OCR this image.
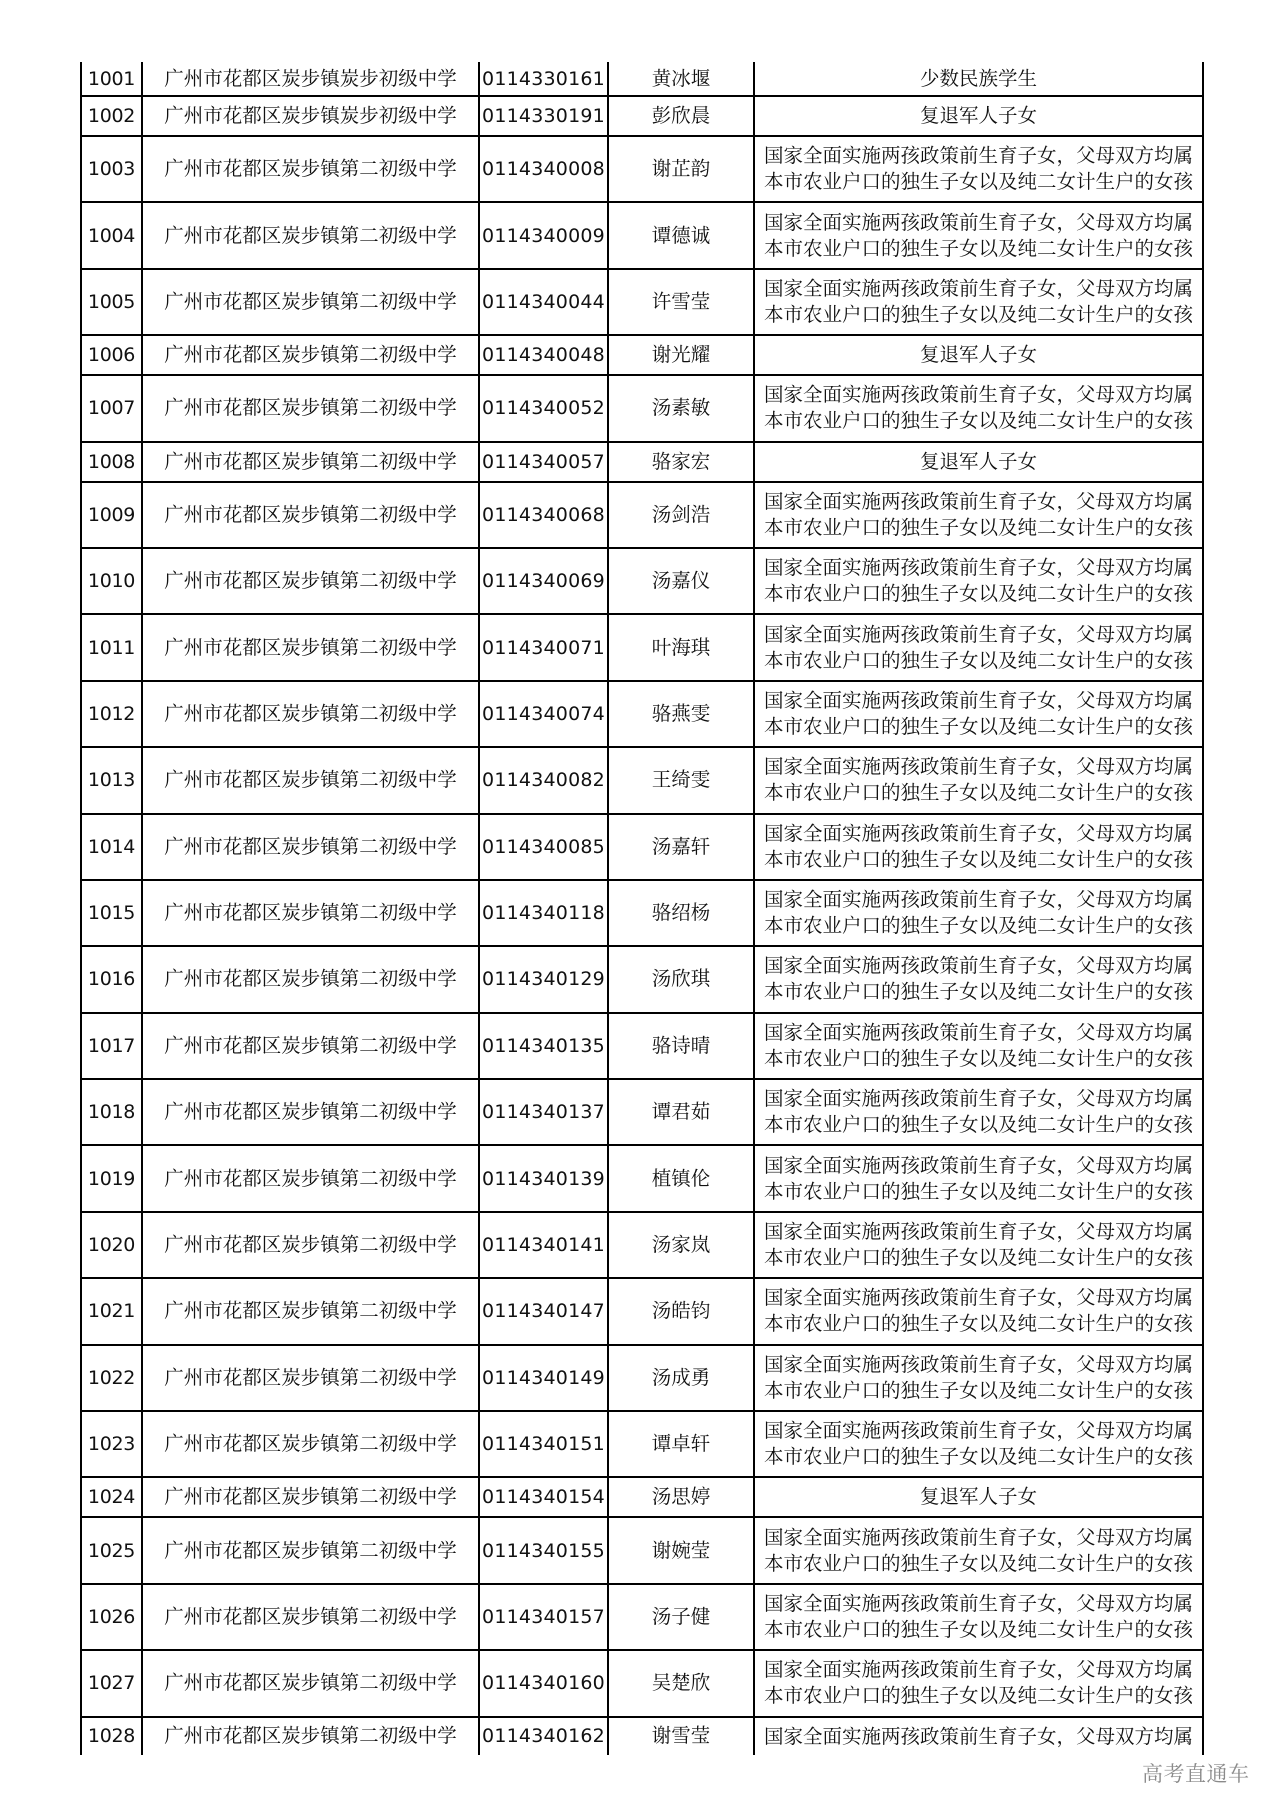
1001	广州市花都区炭步镇炭步初级中学	0114330161	黄冰堰	少数民族学生

1002	广州市花都区炭步镇炭步初级中学	0114330191	彭欣晨	复退军人子女

1003	广州市花都区炭步镇第二初级中学	0114340008	谢芷韵	国家全面实施两孩政策前生育子女，父母双方均属
本市农业户口的独生子女以及纯二女计生户的女孩

1004	广州市花都区炭步镇第二初级中学	0114340009	谭德诚	国家全面实施两孩政策前生育子女，父母双方均属
本市农业户口的独生子女以及纯二女计生户的女孩

1005	广州市花都区炭步镇第二初级中学	0114340044	许雪莹	国家全面实施两孩政策前生育子女，父母双方均属
本市农业户口的独生子女以及纯二女计生户的女孩

1006	广州市花都区炭步镇第二初级中学	0114340048	谢光耀	复退军人子女

1007	广州市花都区炭步镇第二初级中学	0114340052	汤素敏	国家全面实施两孩政策前生育子女，父母双方均属
本市农业户口的独生子女以及纯二女计生户的女孩

1008	广州市花都区炭步镇第二初级中学	0114340057	骆家宏	复退军人子女

1009	广州市花都区炭步镇第二初级中学	0114340068	汤剑浩	国家全面实施两孩政策前生育子女，父母双方均属
本市农业户口的独生子女以及纯二女计生户的女孩

1010	广州市花都区炭步镇第二初级中学	0114340069	汤嘉仪	国家全面实施两孩政策前生育子女，父母双方均属
本市农业户口的独生子女以及纯二女计生户的女孩

1011	广州市花都区炭步镇第二初级中学	0114340071	叶海琪	国家全面实施两孩政策前生育子女，父母双方均属
本市农业户口的独生子女以及纯二女计生户的女孩

1012	广州市花都区炭步镇第二初级中学	0114340074	骆燕雯	国家全面实施两孩政策前生育子女，父母双方均属
本市农业户口的独生子女以及纯二女计生户的女孩

1013	广州市花都区炭步镇第二初级中学	0114340082	王绮雯	国家全面实施两孩政策前生育子女，父母双方均属
本市农业户口的独生子女以及纯二女计生户的女孩

1014	广州市花都区炭步镇第二初级中学	0114340085	汤嘉轩	国家全面实施两孩政策前生育子女，父母双方均属
本市农业户口的独生子女以及纯二女计生户的女孩

1015	广州市花都区炭步镇第二初级中学	0114340118	骆绍杨	国家全面实施两孩政策前生育子女，父母双方均属
本市农业户口的独生子女以及纯二女计生户的女孩

1016	广州市花都区炭步镇第二初级中学	0114340129	汤欣琪	国家全面实施两孩政策前生育子女，父母双方均属
本市农业户口的独生子女以及纯二女计生户的女孩

1017	广州市花都区炭步镇第二初级中学	0114340135	骆诗晴	国家全面实施两孩政策前生育子女，父母双方均属
本市农业户口的独生子女以及纯二女计生户的女孩

1018	广州市花都区炭步镇第二初级中学	0114340137	谭君茹	国家全面实施两孩政策前生育子女，父母双方均属
本市农业户口的独生子女以及纯二女计生户的女孩

1019	广州市花都区炭步镇第二初级中学	0114340139	植镇伦	国家全面实施两孩政策前生育子女，父母双方均属
本市农业户口的独生子女以及纯二女计生户的女孩

1020	广州市花都区炭步镇第二初级中学	0114340141	汤家岚	国家全面实施两孩政策前生育子女，父母双方均属
本市农业户口的独生子女以及纯二女计生户的女孩

1021	广州市花都区炭步镇第二初级中学	0114340147	汤皓钧	国家全面实施两孩政策前生育子女，父母双方均属
本市农业户口的独生子女以及纯二女计生户的女孩

1022	广州市花都区炭步镇第二初级中学	0114340149	汤成勇	国家全面实施两孩政策前生育子女，父母双方均属
本市农业户口的独生子女以及纯二女计生户的女孩

1023	广州市花都区炭步镇第二初级中学	0114340151	谭卓轩	国家全面实施两孩政策前生育子女，父母双方均属
本市农业户口的独生子女以及纯二女计生户的女孩

1024	广州市花都区炭步镇第二初级中学	0114340154	汤思婷	复退军人子女

1025	广州市花都区炭步镇第二初级中学	0114340155	谢婉莹	国家全面实施两孩政策前生育子女，父母双方均属
本市农业户口的独生子女以及纯二女计生户的女孩

1026	广州市花都区炭步镇第二初级中学	0114340157	汤子健	国家全面实施两孩政策前生育子女，父母双方均属
本市农业户口的独生子女以及纯二女计生户的女孩

1027	广州市花都区炭步镇第二初级中学	0114340160	吴楚欣	国家全面实施两孩政策前生育子女，父母双方均属
本市农业户口的独生子女以及纯二女计生户的女孩

1028	广州市花都区炭步镇第二初级中学	0114340162	谢雪莹	国家全面实施两孩政策前生育子女，父母双方均属
高考直通车
